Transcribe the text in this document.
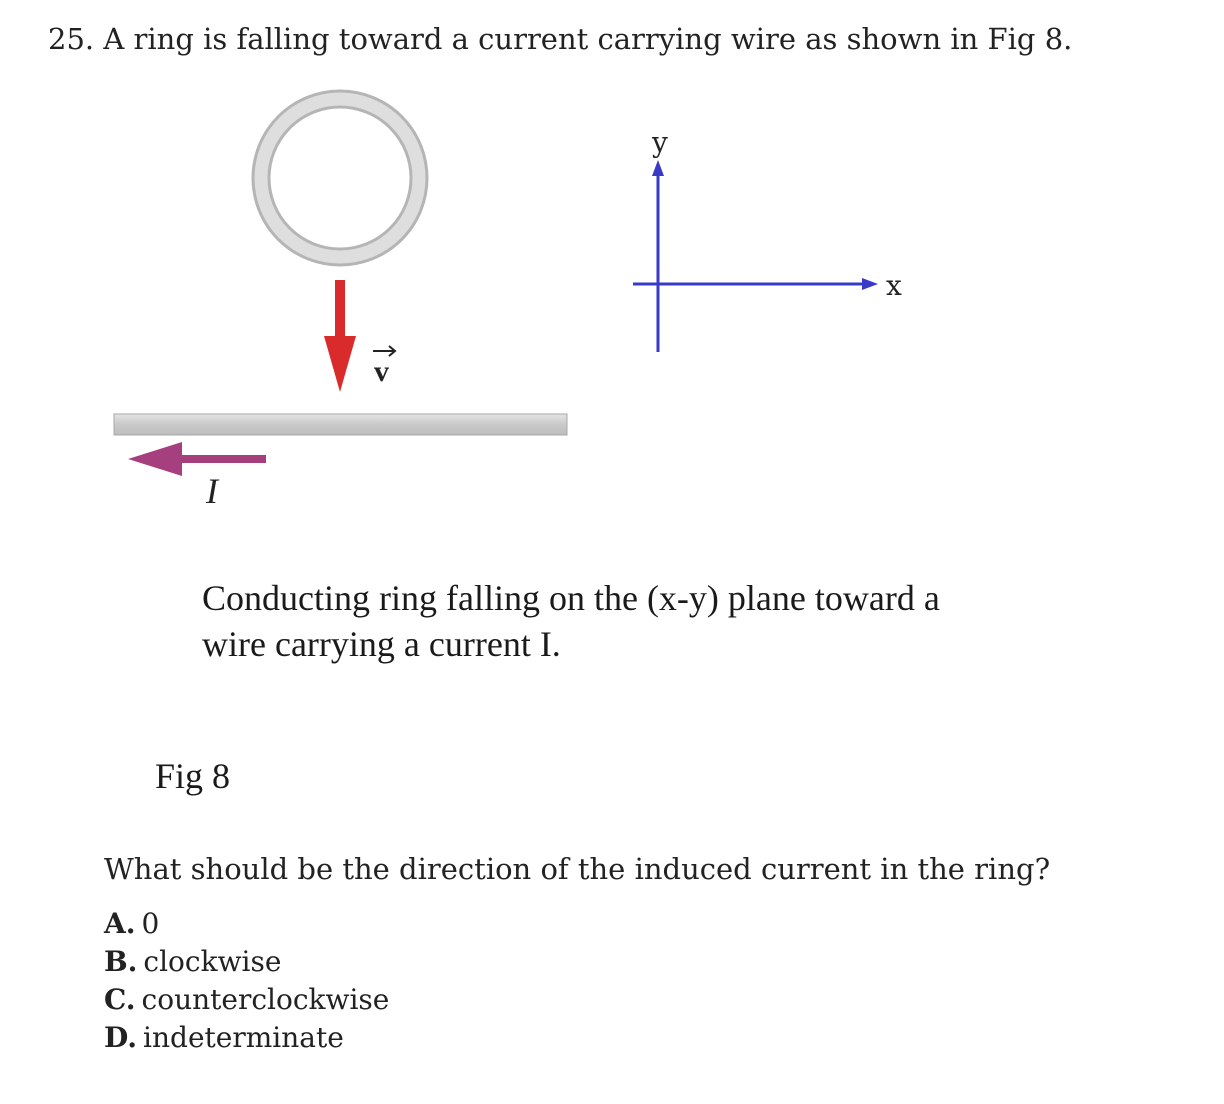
25. A ring is falling toward a current carrying wire as shown in Fig 8.
v
I
y
x
Conducting ring falling on the (x-y) plane toward a
wire carrying a current I.
Fig 8
What should be the direction of the induced current in the ring?
A. 0
B. clockwise
C. counterclockwise
D. indeterminate
